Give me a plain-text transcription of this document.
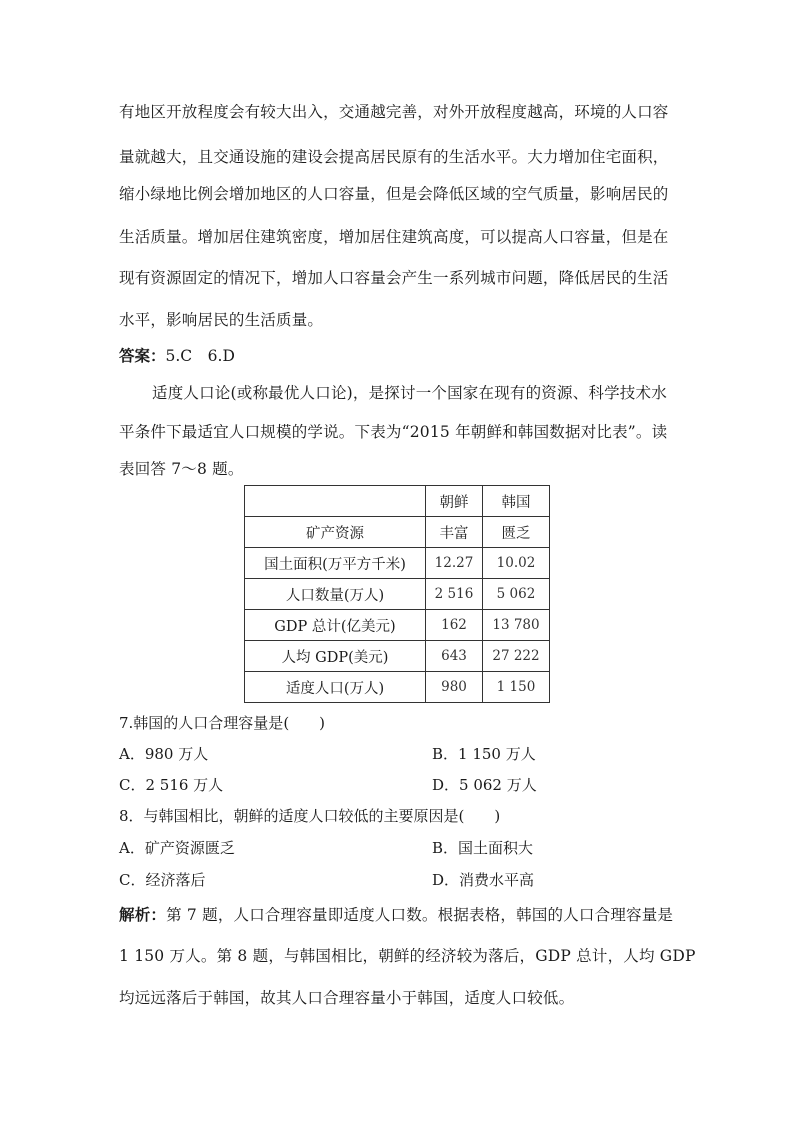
有地区开放程度会有较大出入，交通越完善，对外开放程度越高，环境的人口容
量就越大，且交通设施的建设会提高居民原有的生活水平。大力增加住宅面积，
缩小绿地比例会增加地区的人口容量，但是会降低区域的空气质量，影响居民的
生活质量。增加居住建筑密度，增加居住建筑高度，可以提高人口容量，但是在
现有资源固定的情况下，增加人口容量会产生一系列城市问题，降低居民的生活
水平，影响居民的生活质量。
答案：5.C　6.D
适度人口论(或称最优人口论)，是探讨一个国家在现有的资源、科学技术水
平条件下最适宜人口规模的学说。下表为“2015 年朝鲜和韩国数据对比表”。读
表回答 7～8 题。
	朝鲜	韩国
矿产资源	丰富	匮乏
国土面积(万平方千米)	12.27	10.02
人口数量(万人)	2 516	5 062
GDP 总计(亿美元)	162	13 780
人均 GDP(美元)	643	27 222
适度人口(万人)	980	1 150
7.韩国的人口合理容量是(　　)
A．980 万人	B．1 150 万人
C．2 516 万人	D．5 062 万人
8．与韩国相比，朝鲜的适度人口较低的主要原因是(　　)
A．矿产资源匮乏	B．国土面积大
C．经济落后	D．消费水平高
解析：第 7 题，人口合理容量即适度人口数。根据表格，韩国的人口合理容量是
1 150 万人。第 8 题，与韩国相比，朝鲜的经济较为落后，GDP 总计，人均 GDP
均远远落后于韩国，故其人口合理容量小于韩国，适度人口较低。
